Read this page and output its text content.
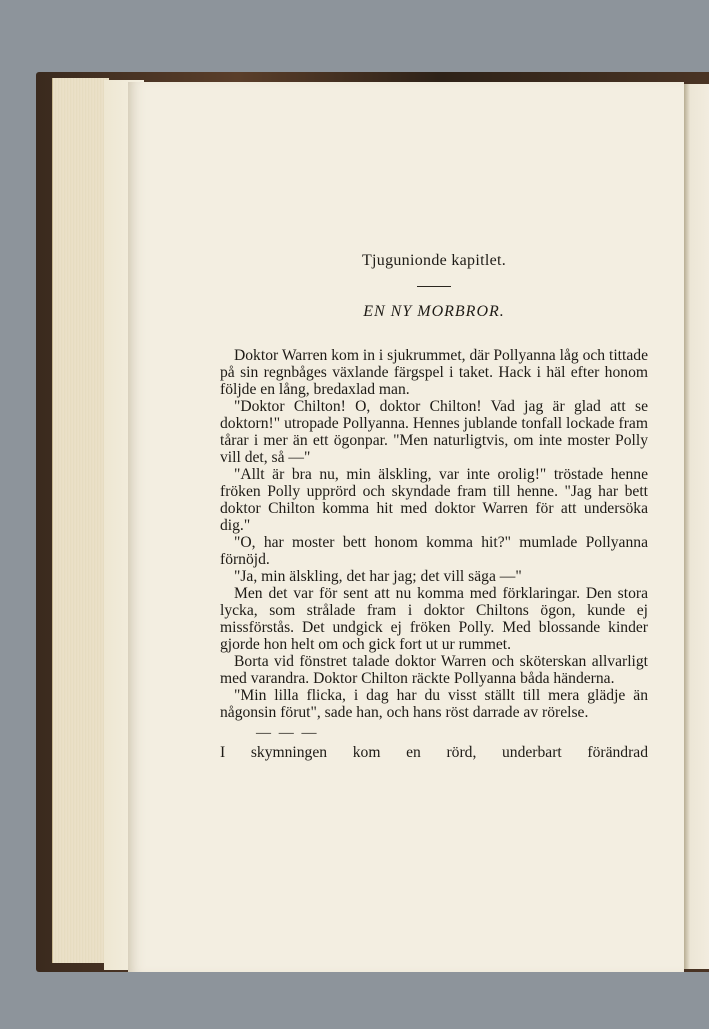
Tjugunionde kapitlet.
EN NY MORBROR.

Doktor Warren kom in i sjukrummet, där Pollyanna låg och tittade på sin regnbåges växlande färgspel i taket. Hack i häl efter honom följde en lång, bredaxlad man.

"Doktor Chilton! O, doktor Chilton! Vad jag är glad att se doktorn!" utropade Pollyanna. Hennes jublande tonfall lockade fram tårar i mer än ett ögonpar. "Men naturligtvis, om inte moster Polly vill det, så —"

"Allt är bra nu, min älskling, var inte orolig!" tröstade henne fröken Polly upprörd och skyndade fram till henne. "Jag har bett doktor Chilton komma hit med doktor Warren för att undersöka dig."

"O, har moster bett honom komma hit?" mumlade Pollyanna förnöjd.

"Ja, min älskling, det har jag; det vill säga —"

Men det var för sent att nu komma med förklaringar. Den stora lycka, som strålade fram i doktor Chiltons ögon, kunde ej missförstås. Det undgick ej fröken Polly. Med blossande kinder gjorde hon helt om och gick fort ut ur rummet.

Borta vid fönstret talade doktor Warren och sköterskan allvarligt med varandra. Doktor Chilton räckte Pollyanna båda händerna.

"Min lilla flicka, i dag har du visst ställt till mera glädje än någonsin förut", sade han, och hans röst darrade av rörelse.

— — —

I skymningen kom en rörd, underbart förändrad
